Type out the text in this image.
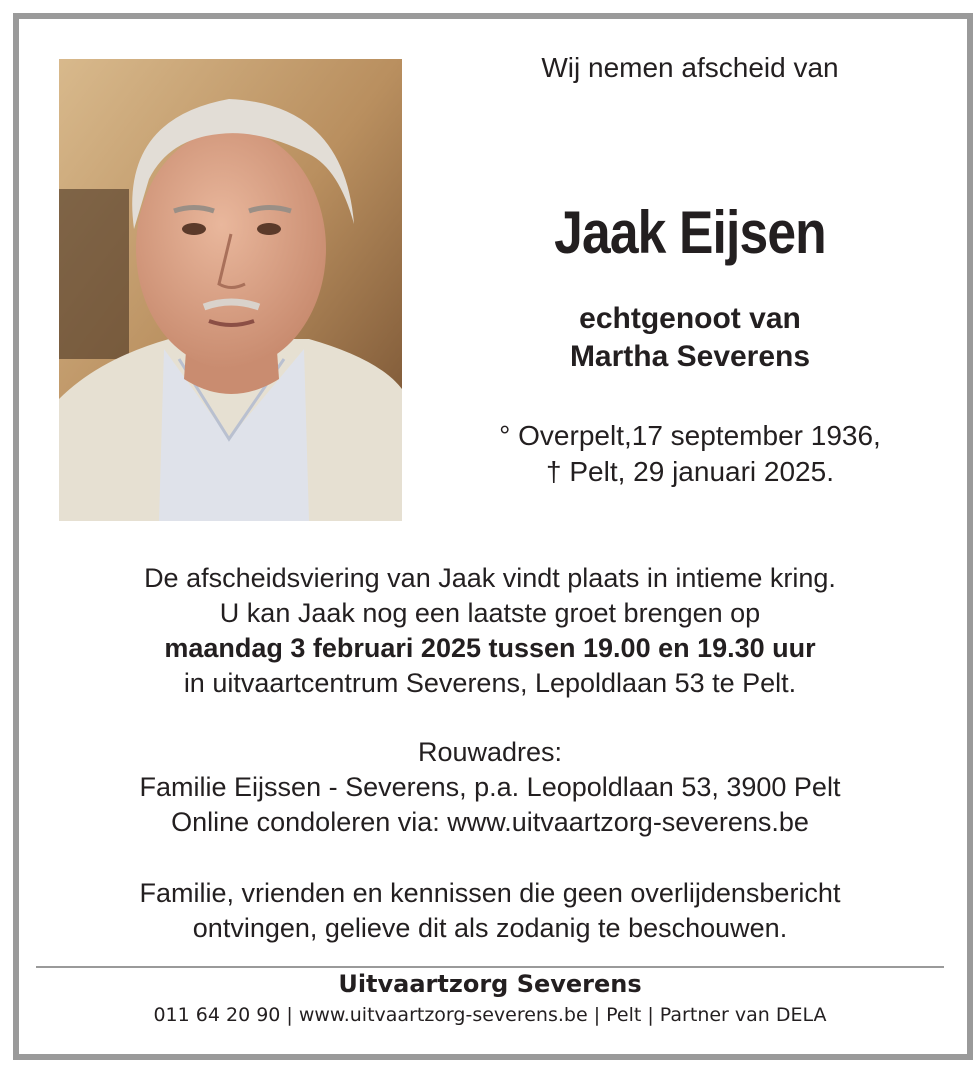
Wij nemen afscheid van
Jaak Eijsen
echtgenoot van
Martha Severens
° Overpelt,17 september 1936,
† Pelt, 29 januari 2025.
De afscheidsviering van Jaak vindt plaats in intieme kring.
U kan Jaak nog een laatste groet brengen op
maandag 3 februari 2025 tussen 19.00 en 19.30 uur
in uitvaartcentrum Severens, Lepoldlaan 53 te Pelt.
Rouwadres:
Familie Eijssen - Severens, p.a. Leopoldlaan 53, 3900 Pelt
Online condoleren via: www.uitvaartzorg-severens.be
Familie, vrienden en kennissen die geen overlijdensbericht
ontvingen, gelieve dit als zodanig te beschouwen.
Uitvaartzorg Severens
011 64 20 90 | www.uitvaartzorg-severens.be | Pelt | Partner van DELA
